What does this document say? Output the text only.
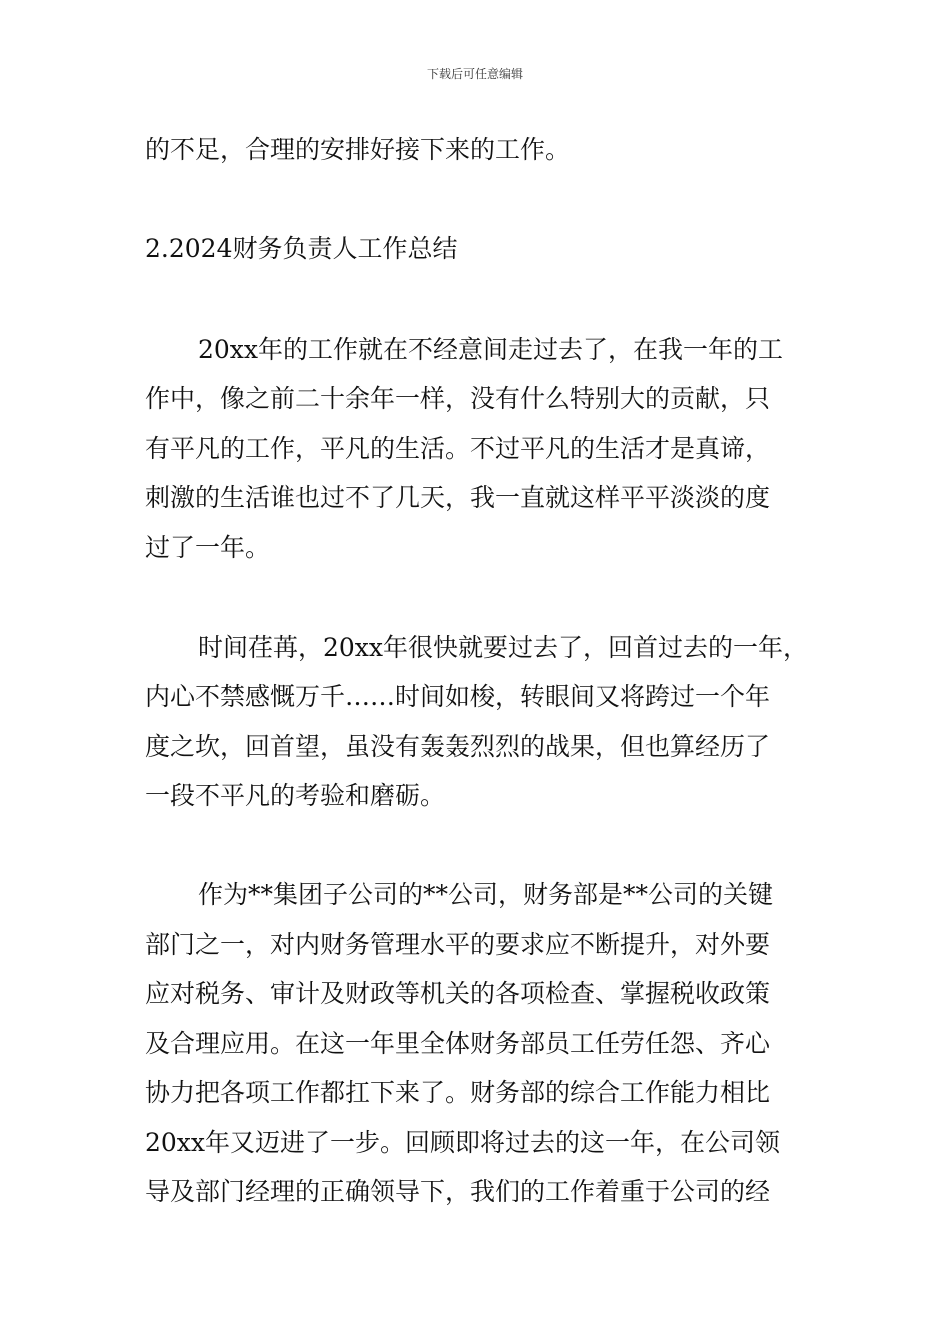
下载后可任意编辑
的不足，合理的安排好接下来的工作。
2.2024财务负责人工作总结
20xx年的工作就在不经意间走过去了，在我一年的工
作中，像之前二十余年一样，没有什么特别大的贡献，只
有平凡的工作，平凡的生活。不过平凡的生活才是真谛，
刺激的生活谁也过不了几天，我一直就这样平平淡淡的度
过了一年。
时间荏苒，20xx年很快就要过去了，回首过去的一年，
内心不禁感慨万千……时间如梭，转眼间又将跨过一个年
度之坎，回首望，虽没有轰轰烈烈的战果，但也算经历了
一段不平凡的考验和磨砺。
作为**集团子公司的**公司，财务部是**公司的关键
部门之一，对内财务管理水平的要求应不断提升，对外要
应对税务、审计及财政等机关的各项检查、掌握税收政策
及合理应用。在这一年里全体财务部员工任劳任怨、齐心
协力把各项工作都扛下来了。财务部的综合工作能力相比
20xx年又迈进了一步。回顾即将过去的这一年，在公司领
导及部门经理的正确领导下，我们的工作着重于公司的经
